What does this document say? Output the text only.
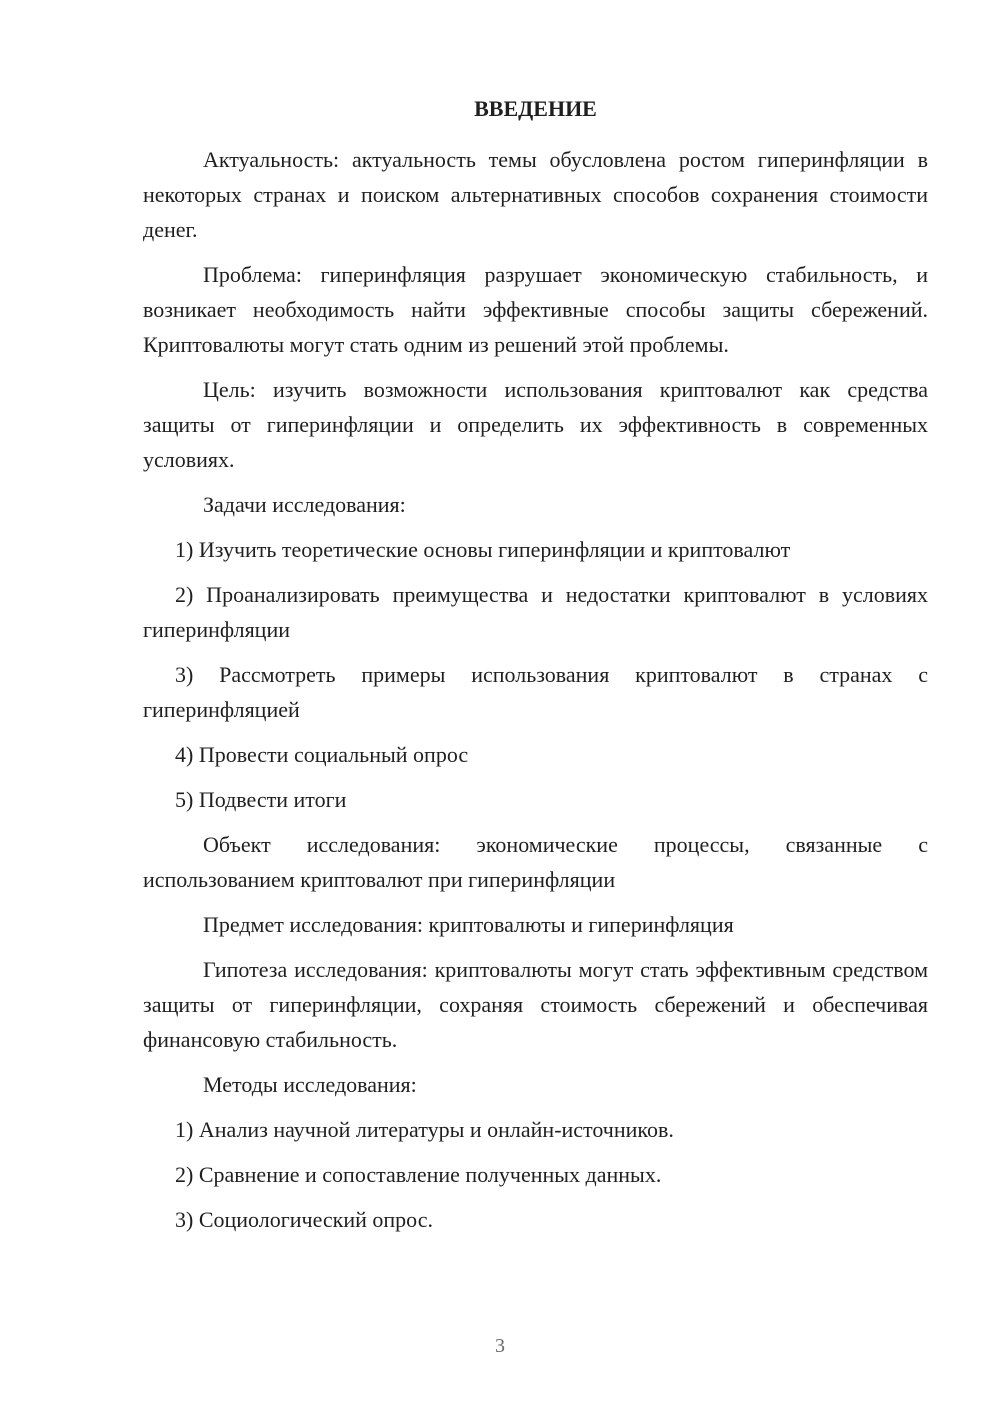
ВВЕДЕНИЕ

Актуальность: актуальность темы обусловлена ростом гиперинфляции в некоторых странах и поиском альтернативных способов сохранения стоимости денег.

Проблема: гиперинфляция разрушает экономическую стабильность, и возникает необходимость найти эффективные способы защиты сбережений. Криптовалюты могут стать одним из решений этой проблемы.

Цель: изучить возможности использования криптовалют как средства защиты от гиперинфляции и определить их эффективность в современных условиях.

Задачи исследования:

1) Изучить теоретические основы гиперинфляции и криптовалют

2) Проанализировать преимущества и недостатки криптовалют в условиях гиперинфляции

3) Рассмотреть примеры использования криптовалют в странах с гиперинфляцией

4) Провести социальный опрос

5) Подвести итоги

Объект исследования: экономические процессы, связанные с использованием криптовалют при гиперинфляции

Предмет исследования: криптовалюты и гиперинфляция

Гипотеза исследования: криптовалюты могут стать эффективным средством защиты от гиперинфляции, сохраняя стоимость сбережений и обеспечивая финансовую стабильность.

Методы исследования:

1) Анализ научной литературы и онлайн-источников.

2) Сравнение и сопоставление полученных данных.

3) Социологический опрос.

3
